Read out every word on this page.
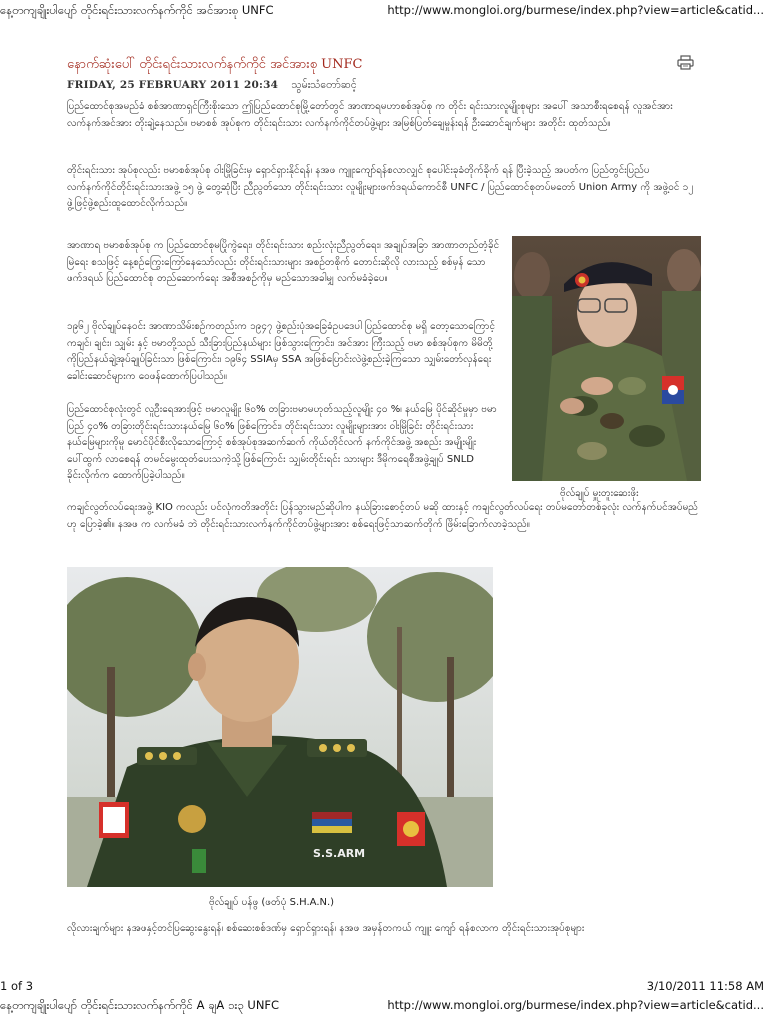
နေ့တကျချိုးပါပျော် တိုင်းရင်းသားလက်နက်ကိုင် အင်အားစု UNFC	http://www.mongloi.org/burmese/index.php?view=article&catid...
နောက်ဆုံးပေါ် တိုင်းရင်းသားလက်နက်ကိုင် အင်အားစု UNFC
FRIDAY, 25 FEBRUARY 2011 20:34 သွမ်းသံတော်ဆင့်

ပြည်ထောင်စုအမည်ခံ စစ်အာဏာရှင်ကြီးစိုးသော ဤပြည်ထောင်စုမြို့တော်တွင် အာဏာရမဟာစစ်အုပ်စု က တိုင်း ရင်းသားလူမျိုးစုများ အပေါ် အသာစီးရစေရန် လူအင်အား လက်နက်အင်အား တိုးချဲ့နေသည်။ ဗမာစစ် အုပ်စုက တိုင်းရင်းသား လက်နက်ကိုင်တပ်ဖွဲ့များ အမြစ်ပြတ်ချေမှုန်းရန် ဦးဆောင်ချက်များ အတိုင်း ထုတ်သည်။

တိုင်းရင်းသား အုပ်စုလည်း ဗမာစစ်အုပ်စု ဝါးမြိုခြင်းမှ ရှောင်ရှားနိုင်ရန်၊ နအဖ ကျူးကျော်ရန်စလာလျှင် စုပေါင်းခုခံတိုက်ခိုက် ရန် ပြီးခဲ့သည့် အပတ်က ပြည်တွင်းပြည်ပ လက်နက်ကိုင်တိုင်းရင်းသားအဖွဲ့ ၁၅ ဖွဲ့ တွေ့ဆုံပြီး ညီညွတ်သော တိုင်းရင်းသား လူမျိုးများဖက်ဒရယ်ကောင်စီ UNFC / ပြည်ထောင်စုတပ်မတော် Union Army ကို အဖွဲ့ဝင် ၁၂ ဖွဲ့ဖြင့်ဖွဲ့စည်းထူထောင်လိုက်သည်။

အာဏာရ ဗမာစစ်အုပ်စု က ပြည်ထောင်စုမပြိုကွဲရေး၊ တိုင်းရင်းသား စည်းလုံးညီညွတ်ရေး၊ အချုပ်အခြာ အာဏာတည်တံ့ခိုင်မြဲရေး စသဖြင့် နေ့စဉ်ကြွေးကြော်နေသော်လည်း တိုင်းရင်းသားများ အစဉ်တစိုက် တောင်းဆိုလို လားသည့် စစ်မှန် သောဖက်ဒရယ် ပြည်ထောင်စု တည်ဆောက်ရေး အစီအစဉ်ကိုမှ မည်သောအခါမျှ လက်မခံခဲ့ပေ။

၁၉၆၂ ဗိုလ်ချုပ်နေဝင်း အာဏာသိမ်းစဉ်ကတည်းက ၁၉၄၇ ဖွဲ့စည်းပုံအခြေခံဥပဒေပါ ပြည်ထောင်စု မရှိ တော့သောကြောင့် ကချင်၊ ချင်း၊ သျှမ်း နှင့် ဗမာတို့သည် သီးခြားပြည်နယ်များ ဖြစ်သွားကြောင်း၊ အင်အား ကြီးသည့် ဗမာ စစ်အုပ်စုက မိမိတို့ကိုပြည်နယ်ချဲ့အုပ်ချုပ်ခြင်းသာ ဖြစ်ကြောင်း၊ ၁၉၆၄ SSIAမှ SSA အဖြစ်ပြောင်းလဲဖွဲ့စည်းခဲ့ကြသော သျှမ်းတော်လှန်ရေးခေါင်းဆောင်များက ဝေဖန်ထောက်ပြပါသည်။

ပြည်ထောင်စုလုံးတွင် လူဦးရေအားဖြင့် ဗမာလူမျိုး ၆၀% တခြားဗမာမဟုတ်သည့်လူမျိုး ၄၀ %၊ နယ်မြေ ပိုင်ဆိုင်မှုမှာ ဗမာပြည် ၄၀% တခြားတိုင်းရင်းသားနယ်မြေ ၆၀% ဖြစ်ကြောင်း၊ တိုင်းရင်းသား လူမျိုးများအား ဝါးမြိုခြင်း တိုင်းရင်းသားနယ်မြေများကိုမူ မောင်ပိုင်စီးလိုသောကြောင့် စစ်အုပ်စုအဆက်ဆက် ကိုယ်တိုင်လက် နက်ကိုင်အဖွဲ့ အစည်း အမျိုးမျိုးပေါ်ထွက် လာစေရန် တမင်မွေးထုတ်ပေးသကဲ့သို့ဖြစ်ကြောင်း သျှမ်းတိုင်းရင်း သားများ ဒီမိုကရေစီအဖွဲ့ချုပ် SNLD ခိုင်းလိုက်က ထောက်ပြခဲ့ပါသည်။

ကချင်လွတ်လပ်ရေးအဖွဲ့ KIO ကလည်း ပင်လုံကတိအတိုင်း ပြန်သွားမည်ဆိုပါက နယ်ခြားစောင့်တပ် မဆို ထားနှင့် ကချင်လွတ်လပ်ရေး တပ်မတော်တစ်ခုလုံး လက်နက်ပင်အပ်မည်ဟု ပြောခဲ့၏။ နအဖ က လက်မခံ ဘဲ တိုင်းရင်းသားလက်နက်ကိုင်တပ်ဖွဲ့များအား စစ်ရေးဖြင့်သာဆက်တိုက် ဖြိမ်းခြောက်လာခဲ့သည်။

ဗိုလ်ချုပ် မှူးတူးဆေးဖိုး
S.S.ARM
ဗိုလ်ချုပ် ပန်ဖွ (ဖတ်ပုံ S.H.A.N.)

လိုလားချက်များ နအဖနှင့်တင်ပြဆွေးနွေးရန်၊ စစ်ဆေးစစ်ဒဏ်မှ ရှောင်ရှားရန်၊ နအဖ အမှန်တကယ် ကျူး ကျော် ရန်စလာက တိုင်းရင်းသားအုပ်စုများ

1 of 3	3/10/2011 11:58 AM
နေ့တကျချိုးပါပျော် တိုင်းရင်းသားလက်နက်ကိုင် A ချA ၁း၃ UNFC	http://www.mongloi.org/burmese/index.php?view=article&catid...
